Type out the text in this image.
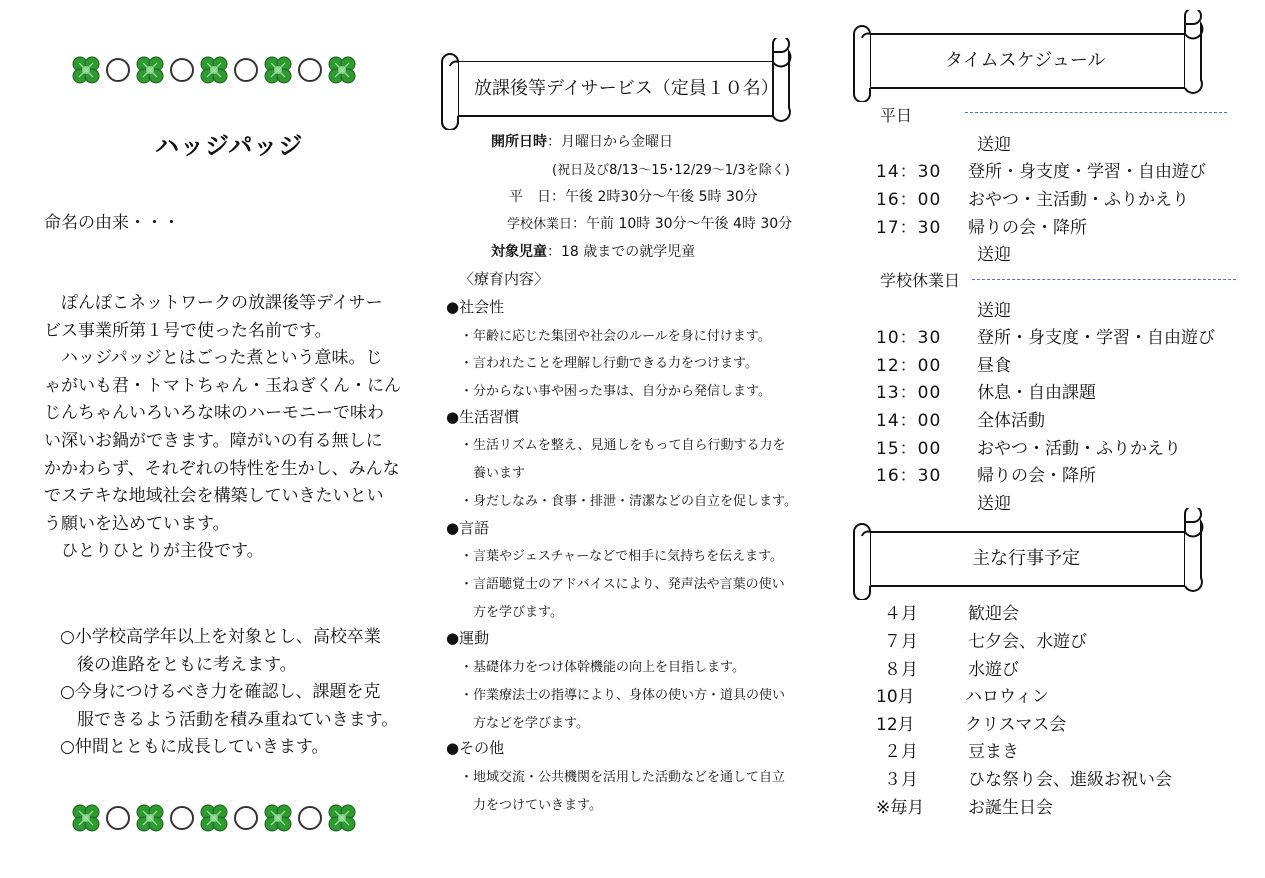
ハッジパッジ
命名の由来・・・
　ぽんぽこネットワークの放課後等デイサー
ビス事業所第１号で使った名前です。
　ハッジパッジとはごった煮という意味。じ
ゃがいも君・トマトちゃん・玉ねぎくん・にん
じんちゃんいろいろな味のハーモニーで味わ
い深いお鍋ができます。障がいの有る無しに
かかわらず、それぞれの特性を生かし、みんな
でステキな地域社会を構築していきたいとい
う願いを込めています。
　ひとりひとりが主役です。
○小学校高学年以上を対象とし、高校卒業
　後の進路をともに考えます。
○今身につけるべき力を確認し、課題を克
　服できるよう活動を積み重ねていきます。
○仲間とともに成長していきます。
放課後等デイサービス（定員１０名）
開所日時：月曜日から金曜日
(祝日及び8/13～15･12/29～1/3を除く)
平　日：午後 2時30分～午後 5時 30分
学校休業日：午前 10時 30分～午後 4時 30分
対象児童：18 歳までの就学児童
〈療育内容〉
●社会性
・年齢に応じた集団や社会のルールを身に付けます。
・言われたことを理解し行動できる力をつけます。
・分からない事や困った事は、自分から発信します。
●生活習慣
・生活リズムを整え、見通しをもって自ら行動する力を
　養います
・身だしなみ・食事・排泄・清潔などの自立を促します。
●言語
・言葉やジェスチャーなどで相手に気持ちを伝えます。
・言語聴覚士のアドバイスにより、発声法や言葉の使い
　方を学びます。
●運動
・基礎体力をつけ体幹機能の向上を目指します。
・作業療法士の指導により、身体の使い方・道具の使い
　方などを学びます。
●その他
・地域交流・公共機関を活用した活動などを通して自立
　力をつけていきます。
タイムスケジュール
平日
送迎
14：30 登所・身支度・学習・自由遊び
16：00 おやつ・主活動・ふりかえり
17：30 帰りの会・降所
送迎
学校休業日
送迎
10：30 登所・身支度・学習・自由遊び
12：00 昼食
13：00 休息・自由課題
14：00 全体活動
15：00 おやつ・活動・ふりかえり
16：30 帰りの会・降所
送迎
主な行事予定
４月	歓迎会
７月	七夕会、水遊び
８月	水遊び
10月	ハロウィン
12月	クリスマス会
２月	豆まき
３月	ひな祭り会、進級お祝い会
※毎月	お誕生日会
